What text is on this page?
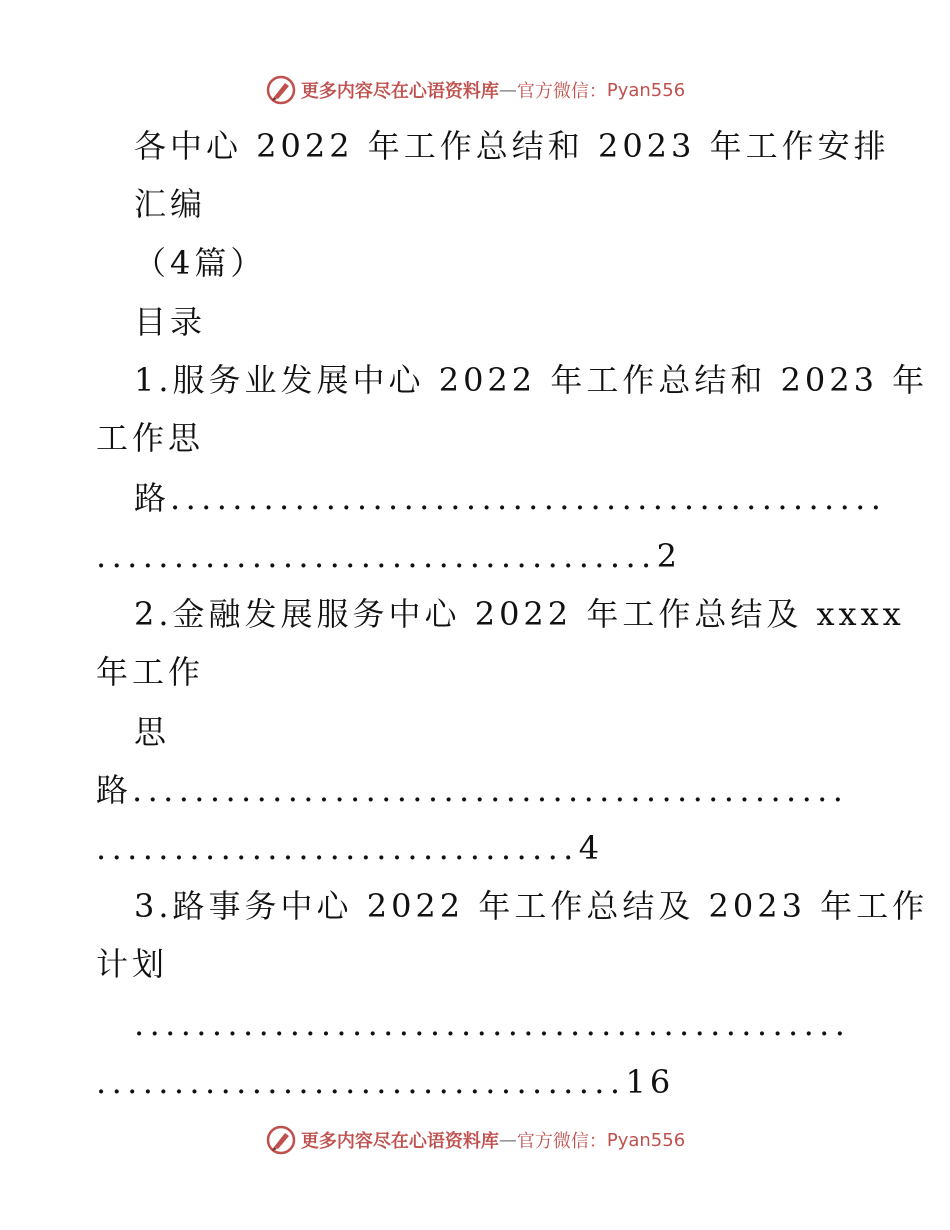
更多内容尽在心语资料库 — 官方微信： Pyan556
各中心 2022 年工作总结和 2023 年工作安排
汇编
（4篇）
目录
1.服务业发展中心 2022 年工作总结和 2023 年
工作思
路..............................................
....................................2
2.金融发展服务中心 2022 年工作总结及 xxxx
年工作
思
路..............................................
...............................4
3.路事务中心 2022 年工作总结及 2023 年工作
计划
..............................................
..................................16
更多内容尽在心语资料库 — 官方微信： Pyan556
